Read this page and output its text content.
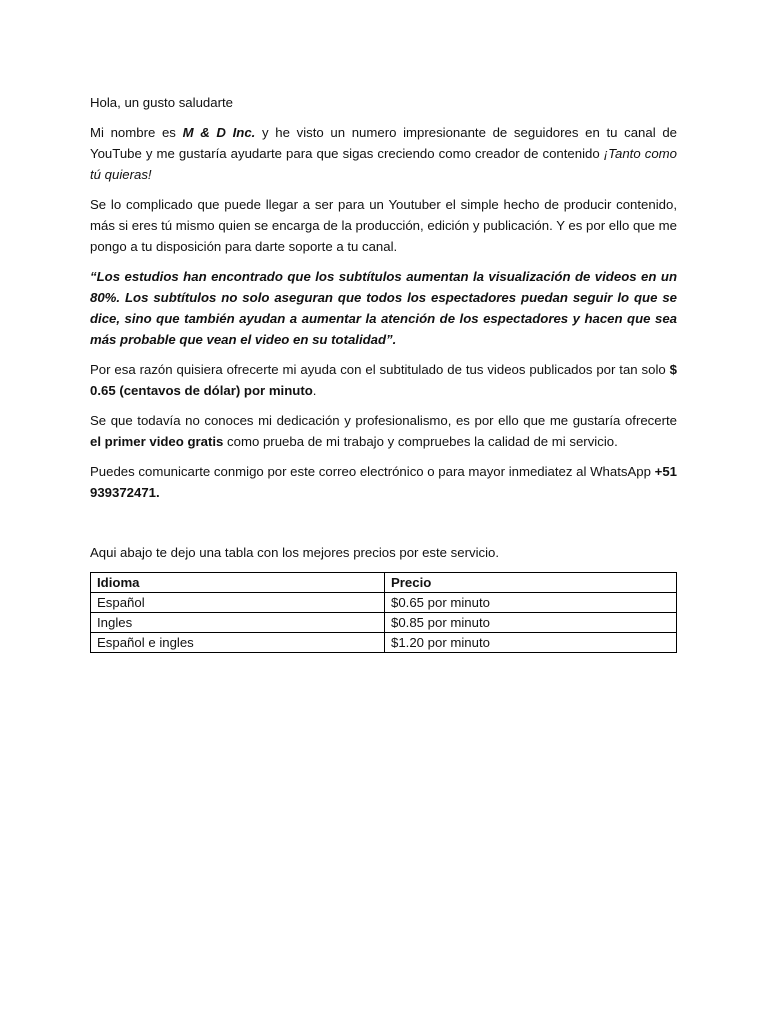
Hola, un gusto saludarte

Mi nombre es M & D Inc. y he visto un numero impresionante de seguidores en tu canal de YouTube y me gustaría ayudarte para que sigas creciendo como creador de contenido ¡Tanto como tú quieras!

Se lo complicado que puede llegar a ser para un Youtuber el simple hecho de producir contenido, más si eres tú mismo quien se encarga de la producción, edición y publicación. Y es por ello que me pongo a tu disposición para darte soporte a tu canal.

“Los estudios han encontrado que los subtítulos aumentan la visualización de videos en un 80%. Los subtítulos no solo aseguran que todos los espectadores puedan seguir lo que se dice, sino que también ayudan a aumentar la atención de los espectadores y hacen que sea más probable que vean el video en su totalidad”.

Por esa razón quisiera ofrecerte mi ayuda con el subtitulado de tus videos publicados por tan solo $ 0.65 (centavos de dólar) por minuto.

Se que todavía no conoces mi dedicación y profesionalismo, es por ello que me gustaría ofrecerte el primer video gratis como prueba de mi trabajo y compruebes la calidad de mi servicio.

Puedes comunicarte conmigo por este correo electrónico o para mayor inmediatez al WhatsApp +51 939372471.

Aqui abajo te dejo una tabla con los mejores precios por este servicio.

Idioma	Precio
Español	$0.65 por minuto
Ingles	$0.85 por minuto
Español e ingles	$1.20 por minuto
